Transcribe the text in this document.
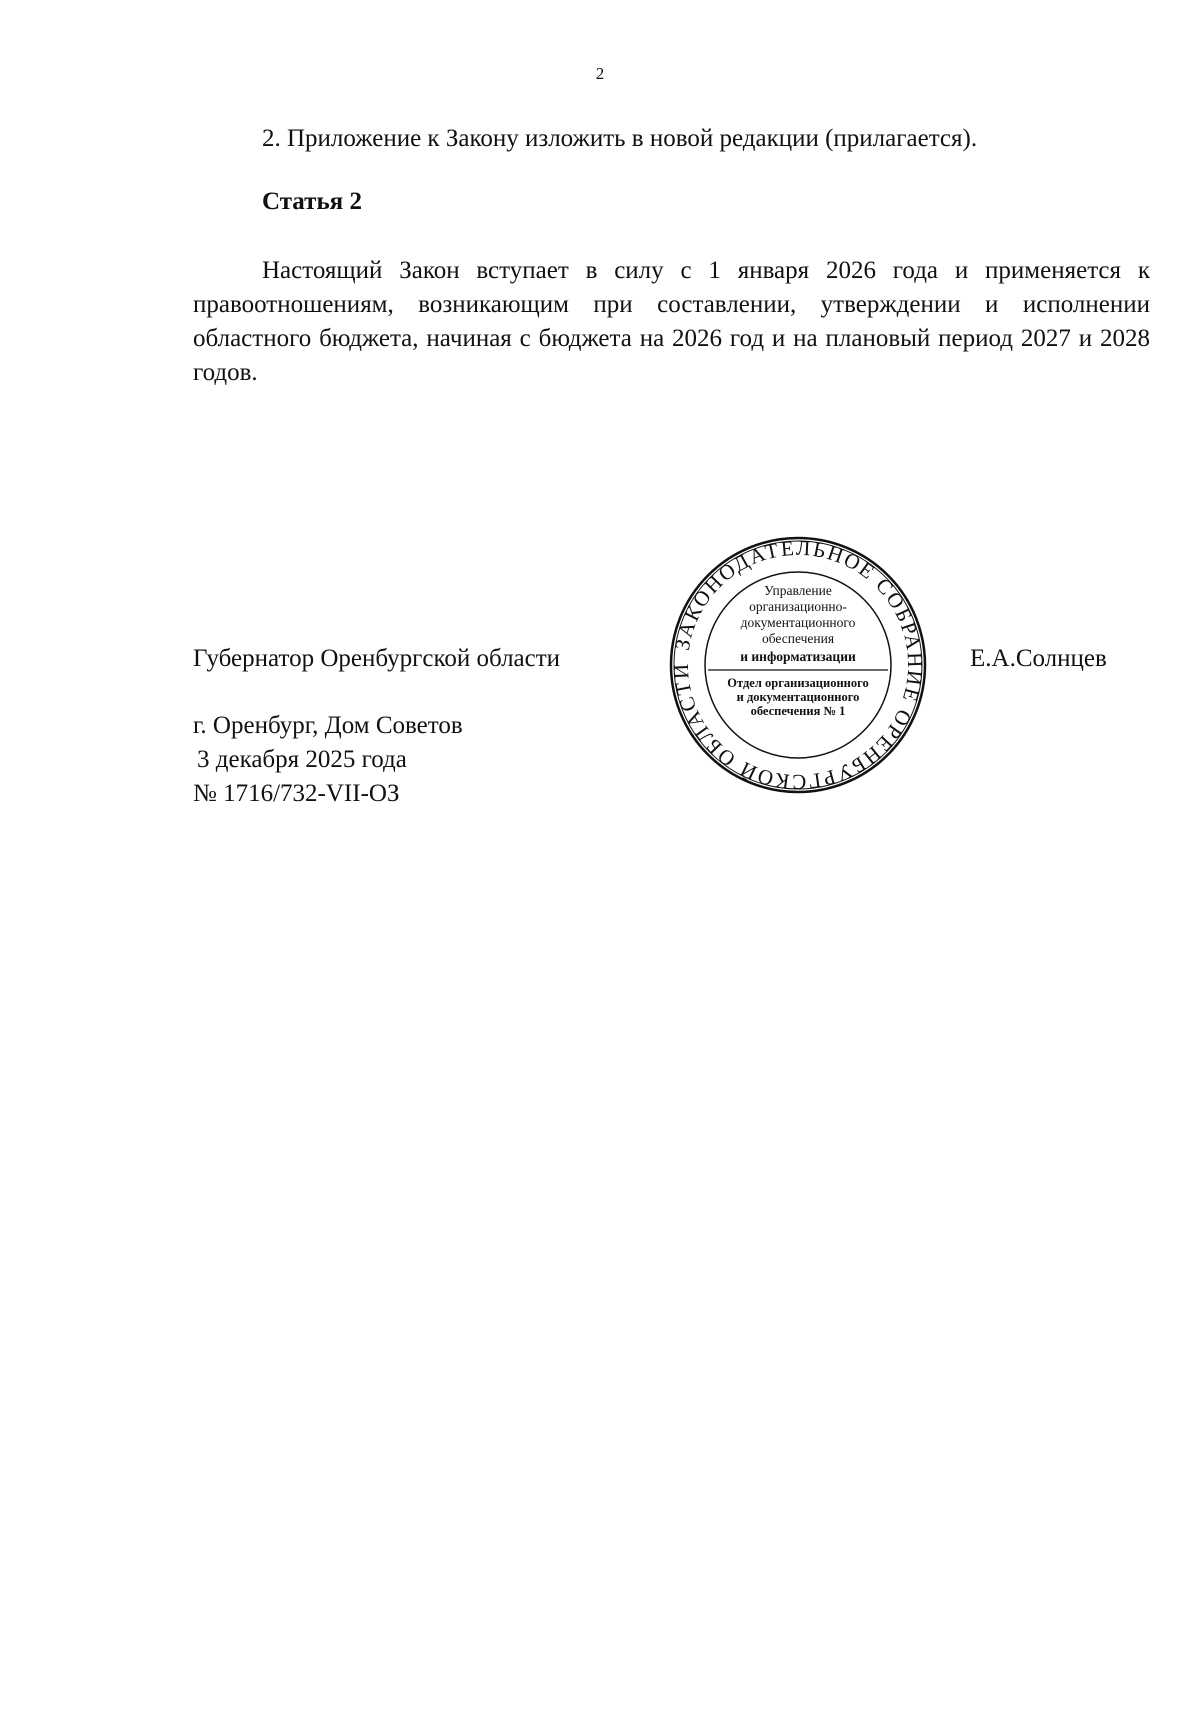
2
2. Приложение к Закону изложить в новой редакции (прилагается).
Статья 2
Настоящий Закон вступает в силу с 1 января 2026 года и применяется к правоотношениям, возникающим при составлении, утверждении и исполнении областного бюджета, начиная с бюджета на 2026 год и на плановый период 2027 и 2028 годов.
Губернатор Оренбургской области
ЗАКОНОДАТЕЛЬНОЕ СОБРАНИЕ ОРЕНБУРГСКОЙ ОБЛАСТИ
Управление
организационно-
документационного
обеспечения
и информатизации
Отдел организационного
и документационного
обеспечения № 1
Е.А.Солнцев
г. Оренбург, Дом Советов
3 декабря 2025 года
№ 1716/732-VII-ОЗ
